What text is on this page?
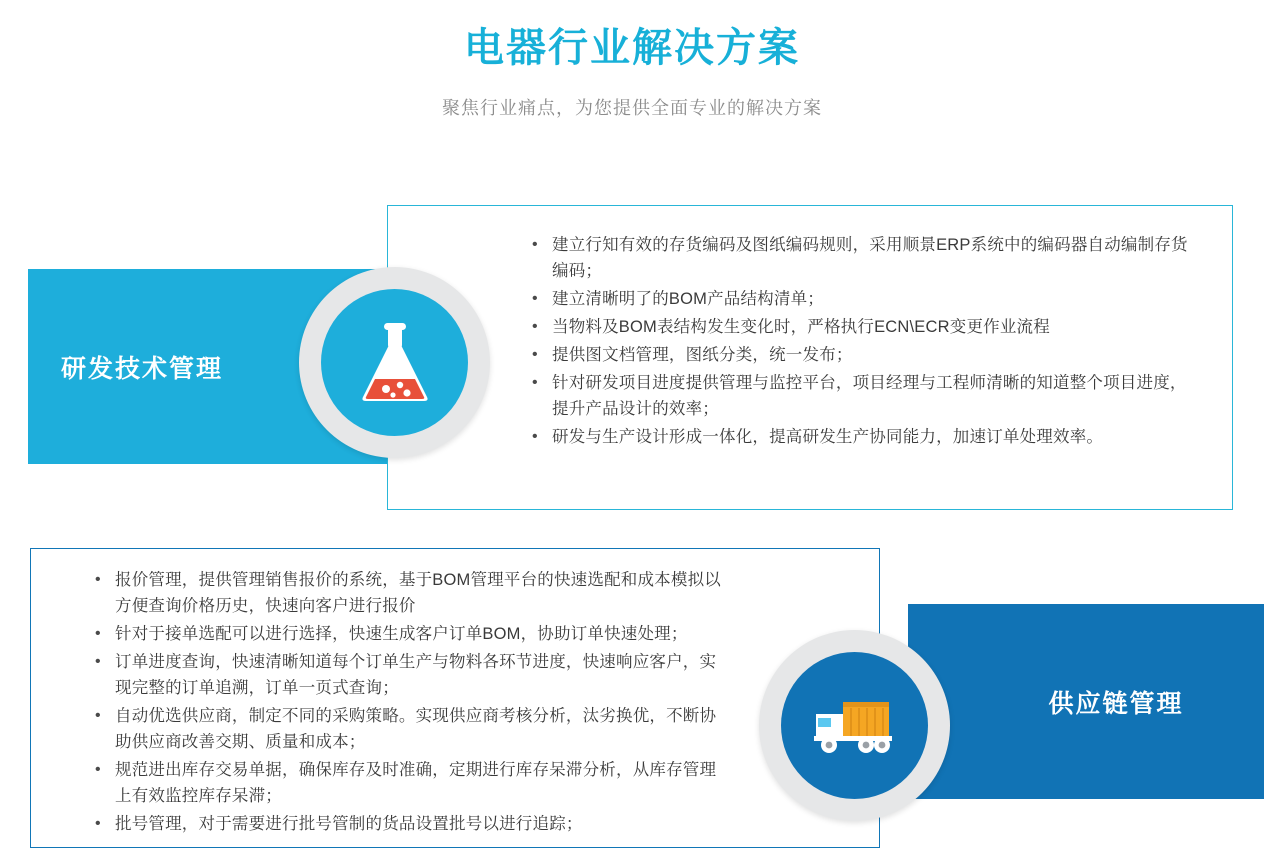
电器行业解决方案
聚焦行业痛点，为您提供全面专业的解决方案
研发技术管理
• 建立行知有效的存货编码及图纸编码规则，采用顺景ERP系统中的编码器自动编制存货编码；
• 建立清晰明了的BOM产品结构清单；
• 当物料及BOM表结构发生变化时，严格执行ECN\ECR变更作业流程
• 提供图文档管理，图纸分类，统一发布；
• 针对研发项目进度提供管理与监控平台，项目经理与工程师清晰的知道整个项目进度，提升产品设计的效率；
• 研发与生产设计形成一体化，提高研发生产协同能力，加速订单处理效率。
• 报价管理，提供管理销售报价的系统，基于BOM管理平台的快速选配和成本模拟以方便查询价格历史，快速向客户进行报价
• 针对于接单选配可以进行选择，快速生成客户订单BOM，协助订单快速处理；
• 订单进度查询，快速清晰知道每个订单生产与物料各环节进度，快速响应客户，实现完整的订单追溯，订单一页式查询；
• 自动优选供应商，制定不同的采购策略。实现供应商考核分析，汰劣换优，不断协助供应商改善交期、质量和成本；
• 规范进出库存交易单据，确保库存及时准确，定期进行库存呆滞分析，从库存管理上有效监控库存呆滞；
• 批号管理，对于需要进行批号管制的货品设置批号以进行追踪；
供应链管理
